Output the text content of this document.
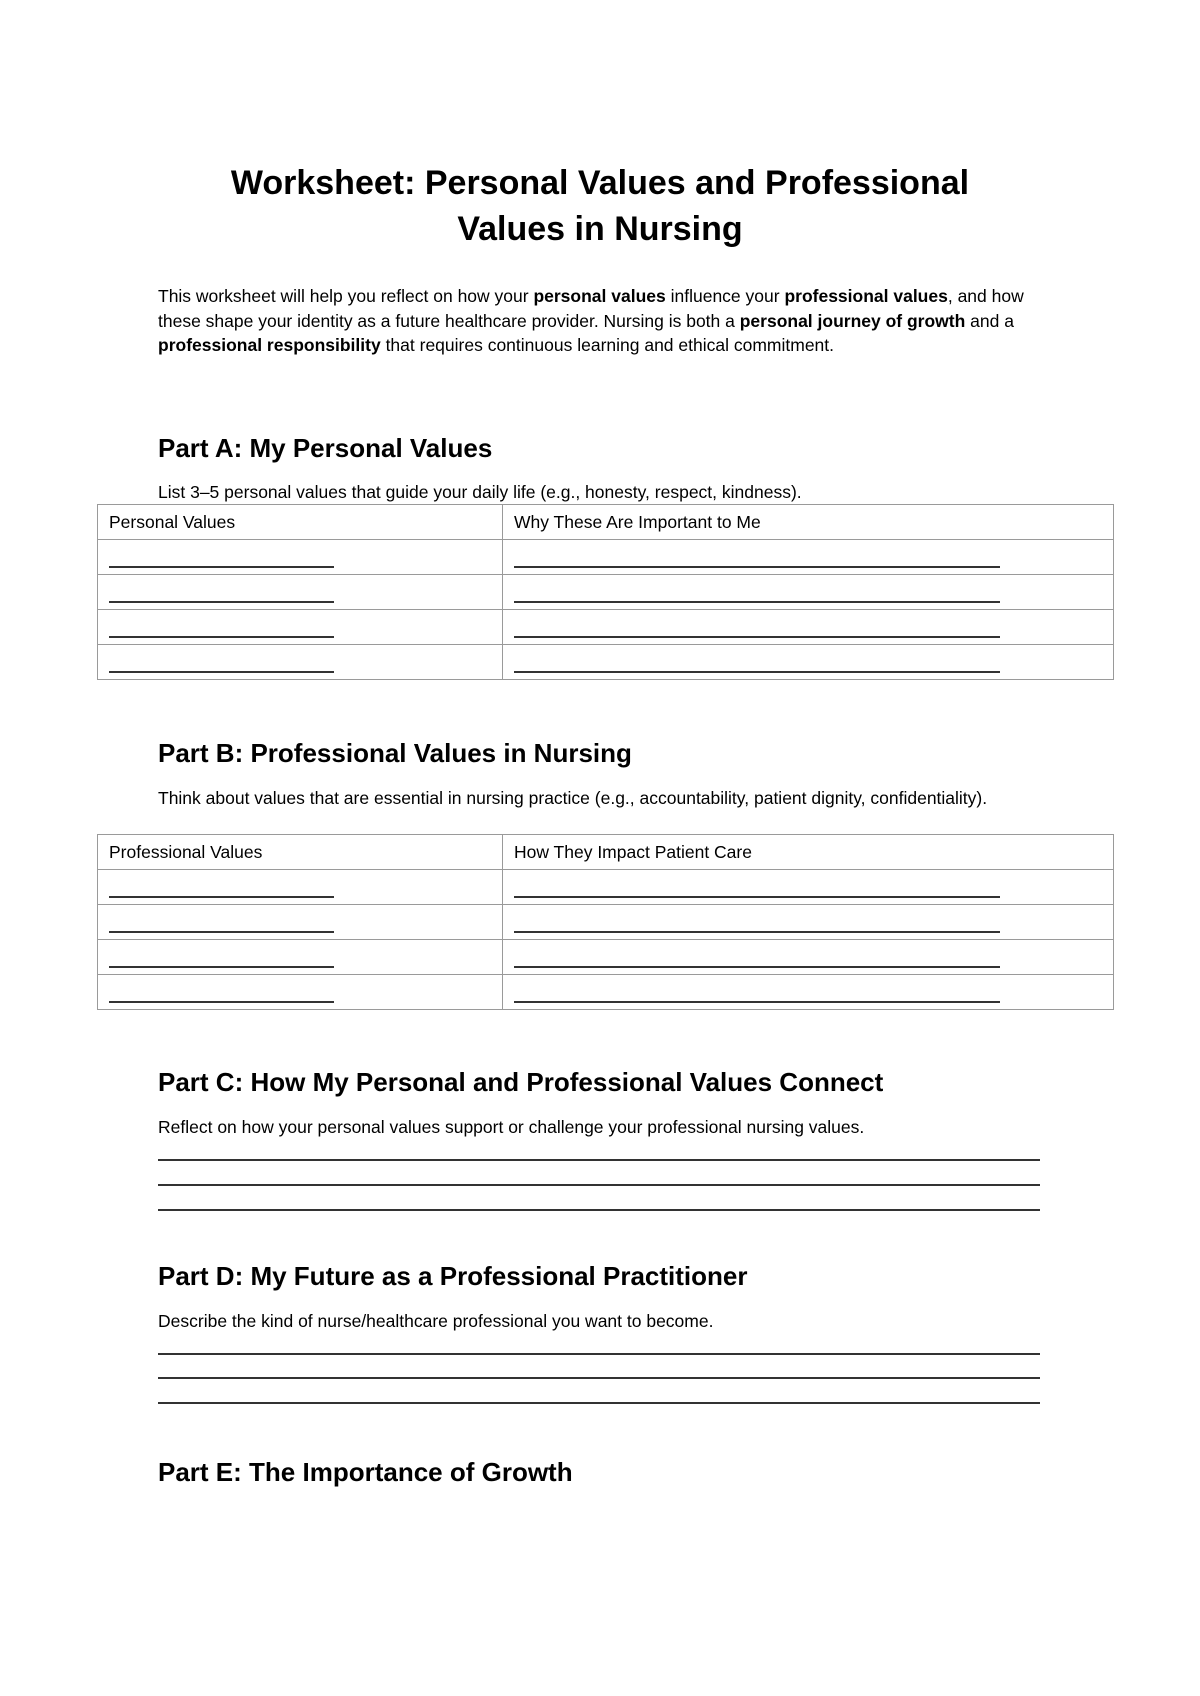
Worksheet: Personal Values and Professional
Values in Nursing

This worksheet will help you reflect on how your personal values influence your professional values, and how these shape your identity as a future healthcare provider. Nursing is both a personal journey of growth and a professional responsibility that requires continuous learning and ethical commitment.

Part A: My Personal Values

List 3–5 personal values that guide your daily life (e.g., honesty, respect, kindness).

Personal Values	Why These Are Important to Me

Part B: Professional Values in Nursing

Think about values that are essential in nursing practice (e.g., accountability, patient dignity, confidentiality).

Professional Values	How They Impact Patient Care

Part C: How My Personal and Professional Values Connect

Reflect on how your personal values support or challenge your professional nursing values.

Part D: My Future as a Professional Practitioner

Describe the kind of nurse/healthcare professional you want to become.

Part E: The Importance of Growth
